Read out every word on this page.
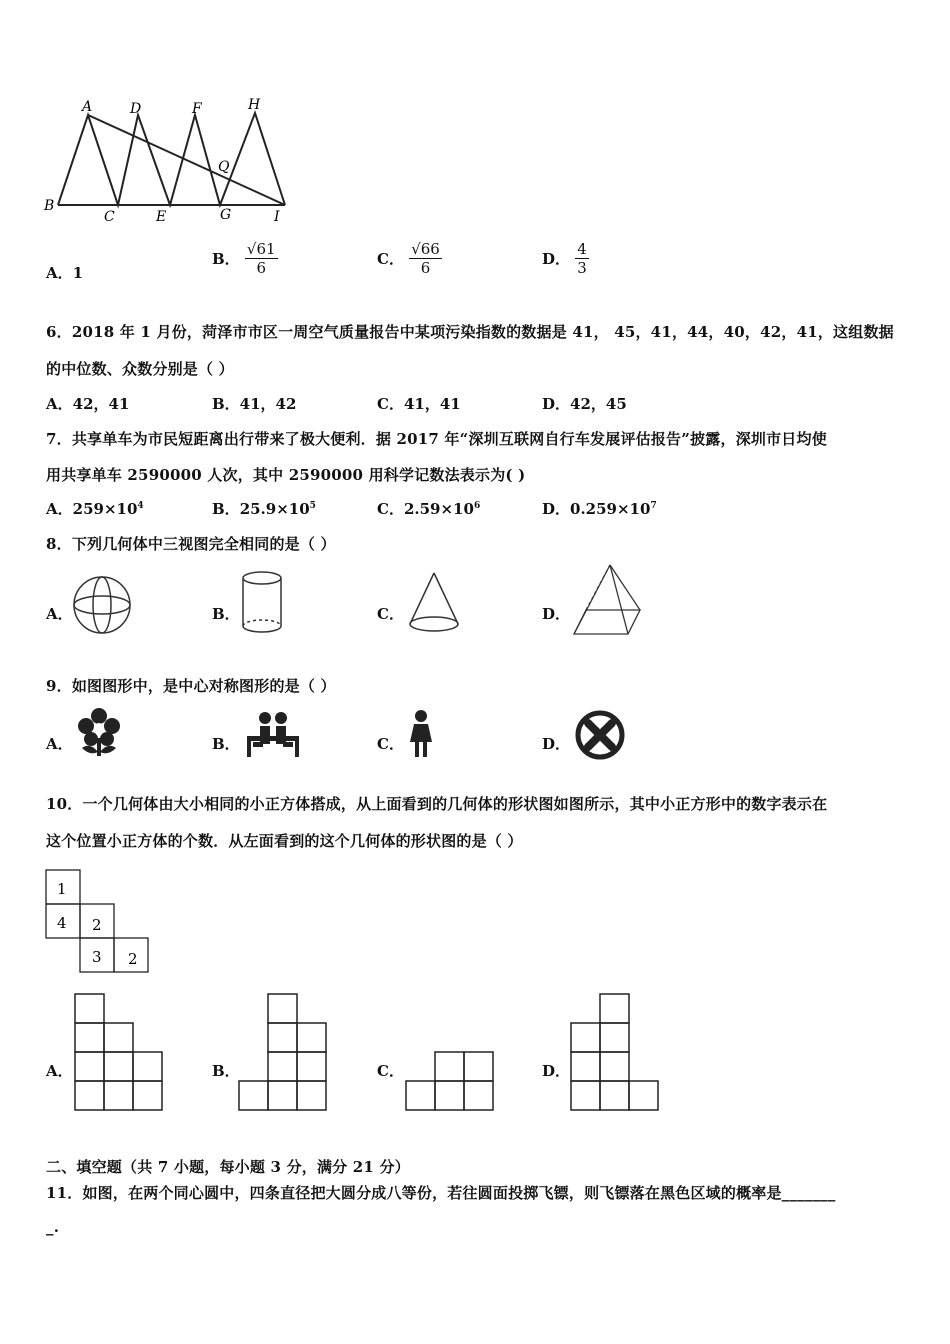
A	D	F	H
B
C	E
Q
G	I
A．1
B． $\frac{√61}{6}$	C． $\frac{√66}{6}$	D． $\frac{4}{3}$
6．2018 年 1 月份，菏泽市市区一周空气质量报告中某项污染指数的数据是 41， 45，41，44，40，42，41，这组数据
的中位数、众数分别是（ ）
A．42，41	B．41，42	C．41，41	D．42，45
7．共享单车为市民短距离出行带来了极大便利．据 2017 年“深圳互联网自行车发展评估报告”披露，深圳市日均使
用共享单车 2590000 人次，其中 2590000 用科学记数法表示为( )
A．$259\times 10^4$	B．$25.9\times 10^5$	C．$2.59\times 10^6$	D．$0.259\times 10^7$
8．下列几何体中三视图完全相同的是（ ）
A．	B．	C．	D．
9．如图图形中，是中心对称图形的是（ ）
A．	B．	C．	D．
10．一个几何体由大小相同的小正方体搭成，从上面看到的几何体的形状图如图所示，其中小正方形中的数字表示在
这个位置小正方体的个数．从左面看到的这个几何体的形状图的是（ ）
1
4 2
3 2
A．	B．	C．	D．
二、填空题（共 7 小题，每小题 3 分，满分 21 分）
11．如图，在两个同心圆中，四条直径把大圆分成八等份，若往圆面投掷飞镖，则飞镖落在黑色区域的概率是_______
_.
